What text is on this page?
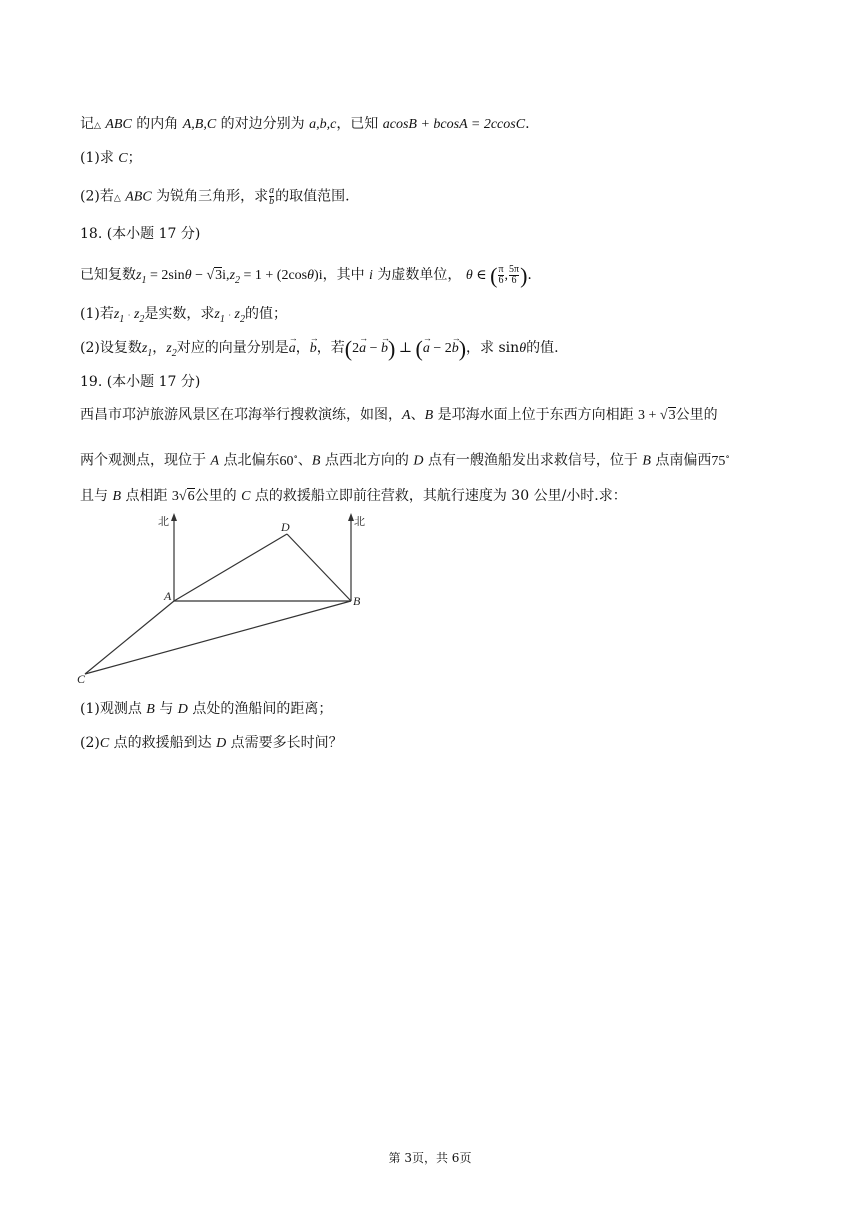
记△ ABC 的内角 A,B,C 的对边分别为 a,b,c，已知 acosB + bcosA = 2ccosC.
(1)求 C；
(2)若△ ABC 为锐角三角形，求 $\frac{a}{b}$ 的取值范围.
18. (本小题 17 分)
已知复数$z_1 = 2\sin\theta - √3i,z_2 = 1 + (2\cos\theta)i$，其中 i 为虚数单位， θ ∈ ( $\frac{\pi}{6}$ , $\frac{5\pi}{6}$ ).
(1)若$z_1 \cdot z_2$是实数，求$z_1 \cdot z_2$的值；
(2)设复数$z_1$，$z_2$对应的向量分别是→ a，→ b，若(2→ a − → b) ⊥ (→ a − 2→ b)，求 sinθ的值.
19. (本小题 17 分)
西昌市邛泸旅游风景区在邛海举行搜救演练，如图，A、B 是邛海水面上位于东西方向相距 3 + √3公里的
两个观测点，现位于 A 点北偏东60∘、B 点西北方向的 D 点有一艘渔船发出求救信号，位于 B 点南偏西75∘
且与 B 点相距 3√6公里的 C 点的救援船立即前往营救，其航行速度为 30 公里/小时.求：
北	北
A	B
C
D
(1)观测点 B 与 D 点处的渔船间的距离；
(2)C 点的救援船到达 D 点需要多长时间？
第 3页，共 6页
